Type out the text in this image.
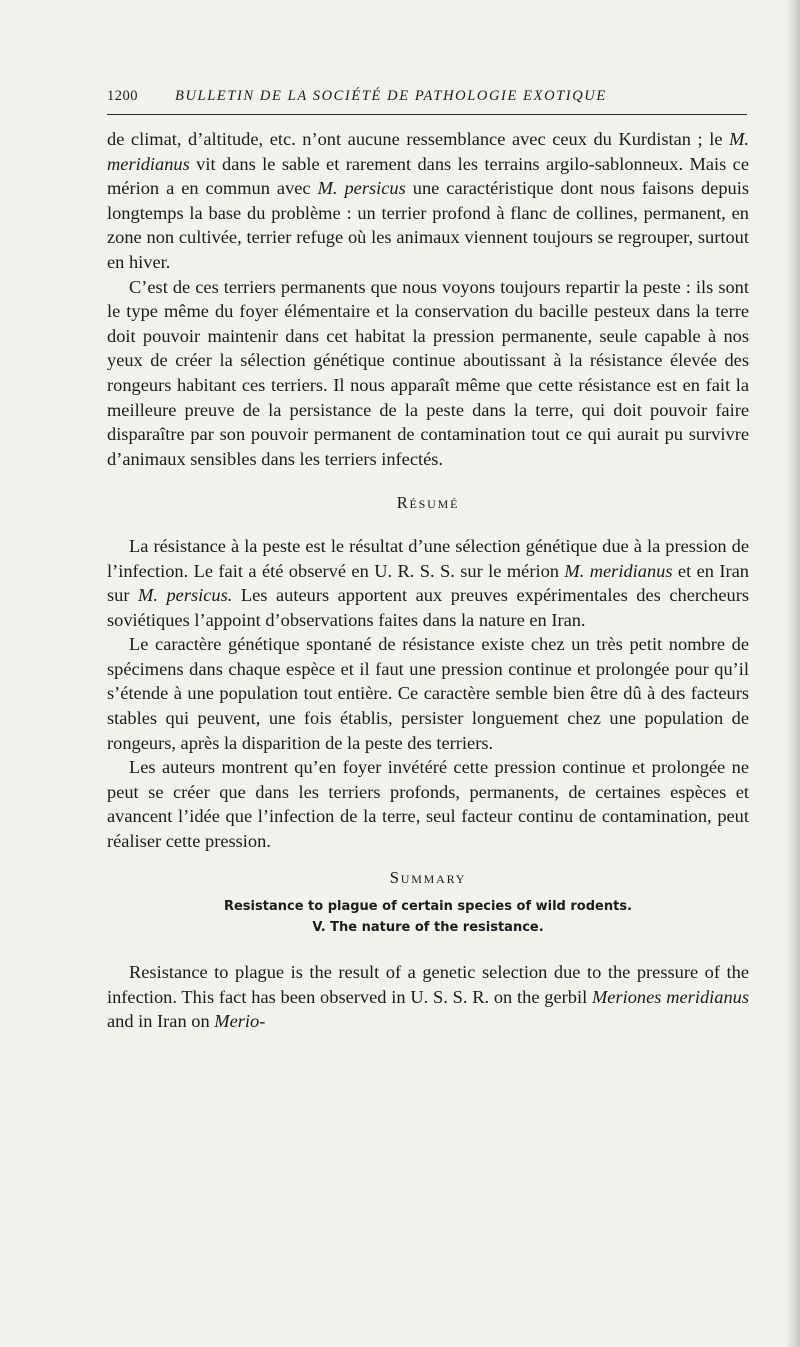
1200	BULLETIN DE LA SOCIÉTÉ DE PATHOLOGIE EXOTIQUE

de climat, d’altitude, etc. n’ont aucune ressemblance avec ceux du Kurdistan ; le M. meridianus vit dans le sable et rarement dans les terrains argilo-sablonneux. Mais ce mérion a en commun avec M. persicus une caractéristique dont nous faisons depuis longtemps la base du problème : un terrier profond à flanc de collines, permanent, en zone non cultivée, terrier refuge où les animaux viennent toujours se regrouper, surtout en hiver.

C’est de ces terriers permanents que nous voyons toujours repartir la peste : ils sont le type même du foyer élémentaire et la conservation du bacille pesteux dans la terre doit pouvoir maintenir dans cet habitat la pression permanente, seule capable à nos yeux de créer la sélection génétique continue aboutissant à la résistance élevée des rongeurs habitant ces terriers. Il nous apparaît même que cette résistance est en fait la meilleure preuve de la persistance de la peste dans la terre, qui doit pouvoir faire disparaître par son pouvoir permanent de contamination tout ce qui aurait pu survivre d’animaux sensibles dans les terriers infectés.

Résumé

La résistance à la peste est le résultat d’une sélection génétique due à la pression de l’infection. Le fait a été observé en U. R. S. S. sur le mérion M. meridianus et en Iran sur M. persicus. Les auteurs apportent aux preuves expérimentales des chercheurs soviétiques l’appoint d’observations faites dans la nature en Iran.

Le caractère génétique spontané de résistance existe chez un très petit nombre de spécimens dans chaque espèce et il faut une pression continue et prolongée pour qu’il s’étende à une population tout entière. Ce caractère semble bien être dû à des facteurs stables qui peuvent, une fois établis, persister longuement chez une population de rongeurs, après la disparition de la peste des terriers.

Les auteurs montrent qu’en foyer invétéré cette pression continue et prolongée ne peut se créer que dans les terriers profonds, permanents, de certaines espèces et avancent l’idée que l’infection de la terre, seul facteur continu de contamination, peut réaliser cette pression.

Summary
Resistance to plague of certain species of wild rodents.
V. The nature of the resistance.

Resistance to plague is the result of a genetic selection due to the pressure of the infection. This fact has been observed in U. S. S. R. on the gerbil Meriones meridianus and in Iran on Merio-
